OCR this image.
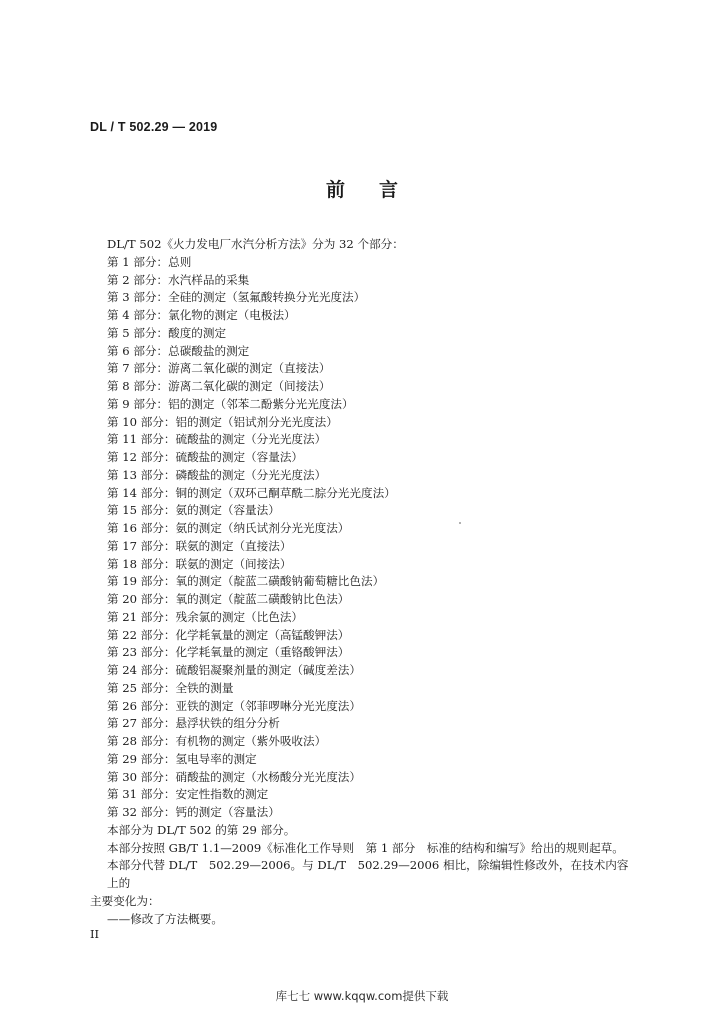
DL / T 502.29 — 2019
前言
DL/T 502《火力发电厂水汽分析方法》分为 32 个部分：
第 1 部分：总则
第 2 部分：水汽样品的采集
第 3 部分：全硅的测定（氢氟酸转换分光光度法）
第 4 部分：氯化物的测定（电极法）
第 5 部分：酸度的测定
第 6 部分：总碳酸盐的测定
第 7 部分：游离二氧化碳的测定（直接法）
第 8 部分：游离二氧化碳的测定（间接法）
第 9 部分：铝的测定（邻苯二酚紫分光光度法）
第 10 部分：铝的测定（铝试剂分光光度法）
第 11 部分：硫酸盐的测定（分光光度法）
第 12 部分：硫酸盐的测定（容量法）
第 13 部分：磷酸盐的测定（分光光度法）
第 14 部分：铜的测定（双环己酮草酰二腙分光光度法）
第 15 部分：氨的测定（容量法）
第 16 部分：氨的测定（纳氏试剂分光光度法）
第 17 部分：联氨的测定（直接法）
第 18 部分：联氨的测定（间接法）
第 19 部分：氧的测定（靛蓝二磺酸钠葡萄糖比色法）
第 20 部分：氧的测定（靛蓝二磺酸钠比色法）
第 21 部分：残余氯的测定（比色法）
第 22 部分：化学耗氧量的测定（高锰酸钾法）
第 23 部分：化学耗氧量的测定（重铬酸钾法）
第 24 部分：硫酸铝凝聚剂量的测定（碱度差法）
第 25 部分：全铁的测量
第 26 部分：亚铁的测定（邻菲啰啉分光光度法）
第 27 部分：悬浮状铁的组分分析
第 28 部分：有机物的测定（紫外吸收法）
第 29 部分：氢电导率的测定
第 30 部分：硝酸盐的测定（水杨酸分光光度法）
第 31 部分：安定性指数的测定
第 32 部分：钙的测定（容量法）
本部分为 DL/T 502 的第 29 部分。
本部分按照 GB/T 1.1—2009《标准化工作导则　第 1 部分　标准的结构和编写》给出的规则起草。
本部分代替 DL/T　502.29—2006。与 DL/T　502.29—2006 相比，除编辑性修改外，在技术内容上的
主要变化为：
——修改了方法概要。
II
库七七 www.kqqw.com提供下载
